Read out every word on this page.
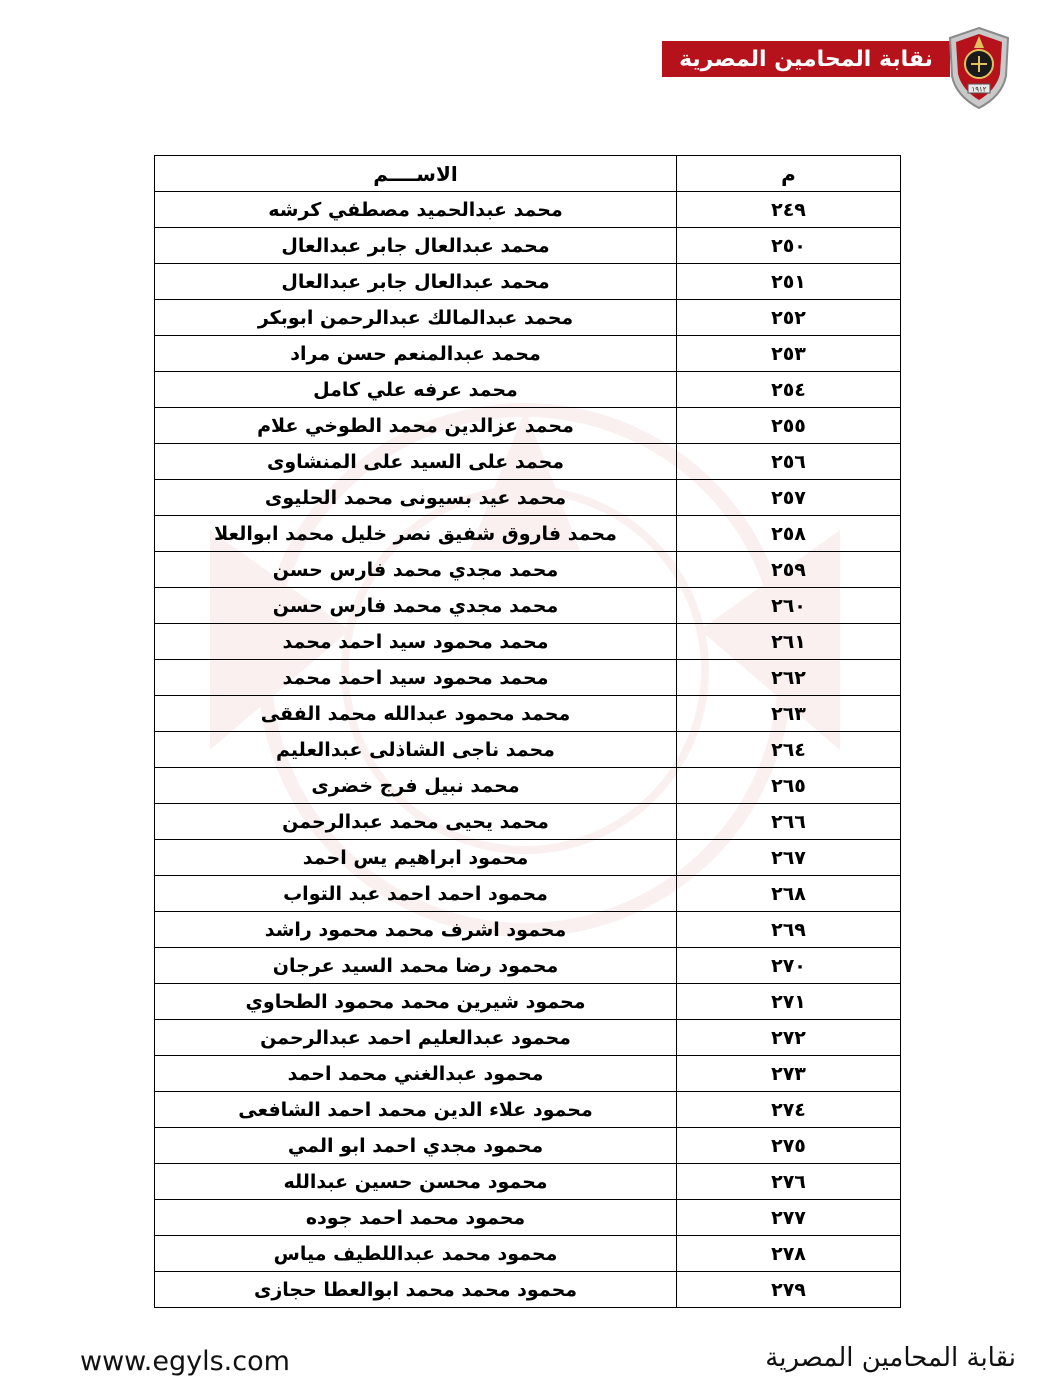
نقابة المحامين المصرية
١٩١٢
م	الاســــم
٢٤٩	محمد عبدالحميد مصطفي كرشه
٢٥٠	محمد عبدالعال جابر عبدالعال
٢٥١	محمد عبدالعال جابر عبدالعال
٢٥٢	محمد عبدالمالك عبدالرحمن ابوبكر
٢٥٣	محمد عبدالمنعم حسن مراد
٢٥٤	محمد عرفه علي كامل
٢٥٥	محمد عزالدين محمد الطوخي علام
٢٥٦	محمد على السيد على المنشاوى
٢٥٧	محمد عيد بسيونى محمد الحليوى
٢٥٨	محمد فاروق شفيق نصر خليل محمد ابوالعلا
٢٥٩	محمد مجدي محمد فارس حسن
٢٦٠	محمد مجدي محمد فارس حسن
٢٦١	محمد محمود سيد احمد محمد
٢٦٢	محمد محمود سيد احمد محمد
٢٦٣	محمد محمود عبدالله محمد الفقى
٢٦٤	محمد ناجى الشاذلى عبدالعليم
٢٦٥	محمد نبيل فرج خضرى
٢٦٦	محمد يحيى محمد عبدالرحمن
٢٦٧	محمود ابراهيم يس احمد
٢٦٨	محمود احمد احمد عبد التواب
٢٦٩	محمود اشرف محمد محمود راشد
٢٧٠	محمود رضا محمد السيد عرجان
٢٧١	محمود شيرين محمد محمود الطحاوي
٢٧٢	محمود عبدالعليم احمد عبدالرحمن
٢٧٣	محمود عبدالغني محمد احمد
٢٧٤	محمود علاء الدين محمد احمد الشافعى
٢٧٥	محمود مجدي احمد ابو المي
٢٧٦	محمود محسن حسين عبدالله
٢٧٧	محمود محمد احمد جوده
٢٧٨	محمود محمد عبداللطيف مياس
٢٧٩	محمود محمد محمد ابوالعطا حجازى
www.egyls.com	نقابة المحامين المصرية
